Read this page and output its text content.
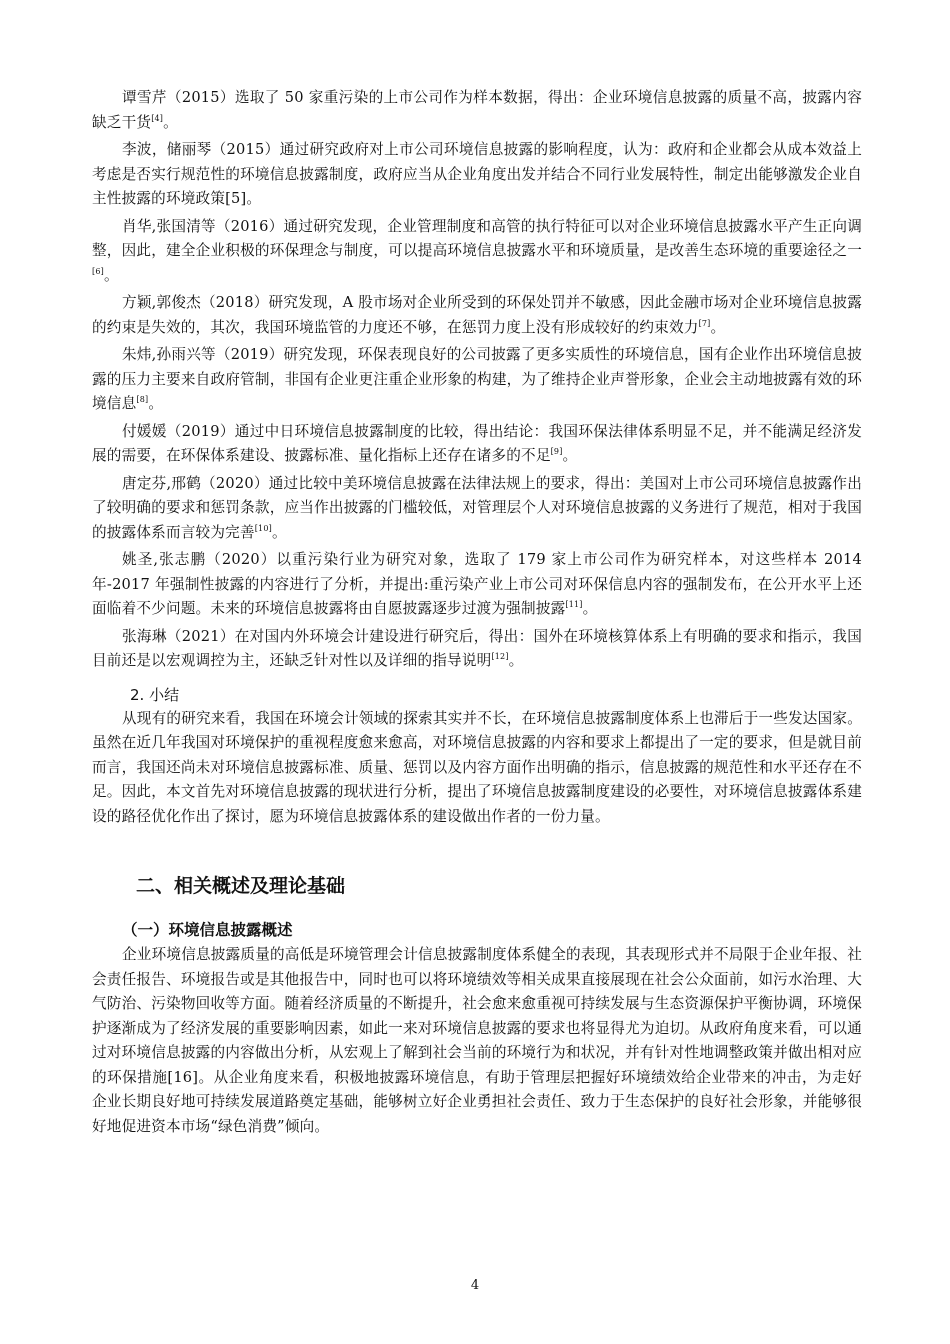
谭雪芹（2015）选取了 50 家重污染的上市公司作为样本数据，得出：企业环境信息披露的质量不高，披露内容缺乏干货[4]。

李波，储丽琴（2015）通过研究政府对上市公司环境信息披露的影响程度，认为：政府和企业都会从成本效益上考虑是否实行规范性的环境信息披露制度，政府应当从企业角度出发并结合不同行业发展特性，制定出能够激发企业自主性披露的环境政策[5]。

肖华,张国清等（2016）通过研究发现，企业管理制度和高管的执行特征可以对企业环境信息披露水平产生正向调整，因此，建全企业积极的环保理念与制度，可以提高环境信息披露水平和环境质量，是改善生态环境的重要途径之一[6]。

方颖,郭俊杰（2018）研究发现，A 股市场对企业所受到的环保处罚并不敏感，因此金融市场对企业环境信息披露的约束是失效的，其次，我国环境监管的力度还不够，在惩罚力度上没有形成较好的约束效力[7]。

朱炜,孙雨兴等（2019）研究发现，环保表现良好的公司披露了更多实质性的环境信息，国有企业作出环境信息披露的压力主要来自政府管制，非国有企业更注重企业形象的构建，为了维持企业声誉形象，企业会主动地披露有效的环境信息[8]。

付媛媛（2019）通过中日环境信息披露制度的比较，得出结论：我国环保法律体系明显不足，并不能满足经济发展的需要，在环保体系建设、披露标准、量化指标上还存在诸多的不足[9]。

唐定芬,邢鹤（2020）通过比较中美环境信息披露在法律法规上的要求，得出：美国对上市公司环境信息披露作出了较明确的要求和惩罚条款，应当作出披露的门槛较低，对管理层个人对环境信息披露的义务进行了规范，相对于我国的披露体系而言较为完善[10]。

姚圣,张志鹏（2020）以重污染行业为研究对象，选取了 179 家上市公司作为研究样本，对这些样本 2014 年-2017 年强制性披露的内容进行了分析，并提出:重污染产业上市公司对环保信息内容的强制发布，在公开水平上还面临着不少问题。未来的环境信息披露将由自愿披露逐步过渡为强制披露[11]。

张海琳（2021）在对国内外环境会计建设进行研究后，得出：国外在环境核算体系上有明确的要求和指示，我国目前还是以宏观调控为主，还缺乏针对性以及详细的指导说明[12]。

2. 小结

从现有的研究来看，我国在环境会计领域的探索其实并不长，在环境信息披露制度体系上也滞后于一些发达国家。虽然在近几年我国对环境保护的重视程度愈来愈高，对环境信息披露的内容和要求上都提出了一定的要求，但是就目前而言，我国还尚未对环境信息披露标准、质量、惩罚以及内容方面作出明确的指示，信息披露的规范性和水平还存在不足。因此，本文首先对环境信息披露的现状进行分析，提出了环境信息披露制度建设的必要性，对环境信息披露体系建设的路径优化作出了探讨，愿为环境信息披露体系的建设做出作者的一份力量。

二、相关概述及理论基础
（一）环境信息披露概述

企业环境信息披露质量的高低是环境管理会计信息披露制度体系健全的表现，其表现形式并不局限于企业年报、社会责任报告、环境报告或是其他报告中，同时也可以将环境绩效等相关成果直接展现在社会公众面前，如污水治理、大气防治、污染物回收等方面。随着经济质量的不断提升，社会愈来愈重视可持续发展与生态资源保护平衡协调，环境保护逐渐成为了经济发展的重要影响因素，如此一来对环境信息披露的要求也将显得尤为迫切。从政府角度来看，可以通过对环境信息披露的内容做出分析，从宏观上了解到社会当前的环境行为和状况，并有针对性地调整政策并做出相对应的环保措施[16]。从企业角度来看，积极地披露环境信息，有助于管理层把握好环境绩效给企业带来的冲击，为走好企业长期良好地可持续发展道路奠定基础，能够树立好企业勇担社会责任、致力于生态保护的良好社会形象，并能够很好地促进资本市场“绿色消费”倾向。

4
